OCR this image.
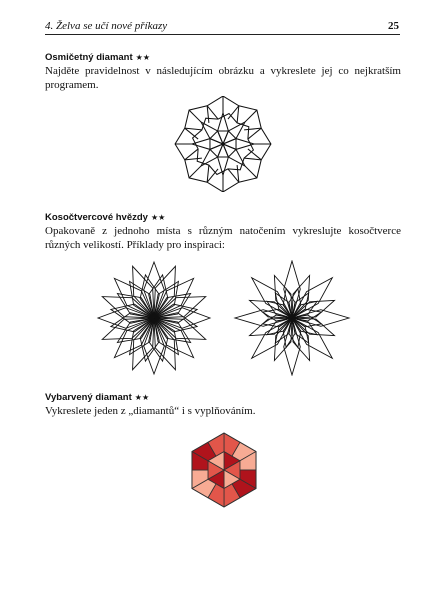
4. Želva se učí nové příkazy	25
Osmičetný diamant ★★
Najděte pravidelnost v následujícím obrázku a vykreslete jej co nejkratším programem.
Kosočtvercové hvězdy ★★
Opakovaně z jednoho místa s různým natočením vykreslujte kosočtverce různých velikostí. Příklady pro inspiraci:
Vybarvený diamant ★★
Vykreslete jeden z „diamantů“ i s vyplňováním.
